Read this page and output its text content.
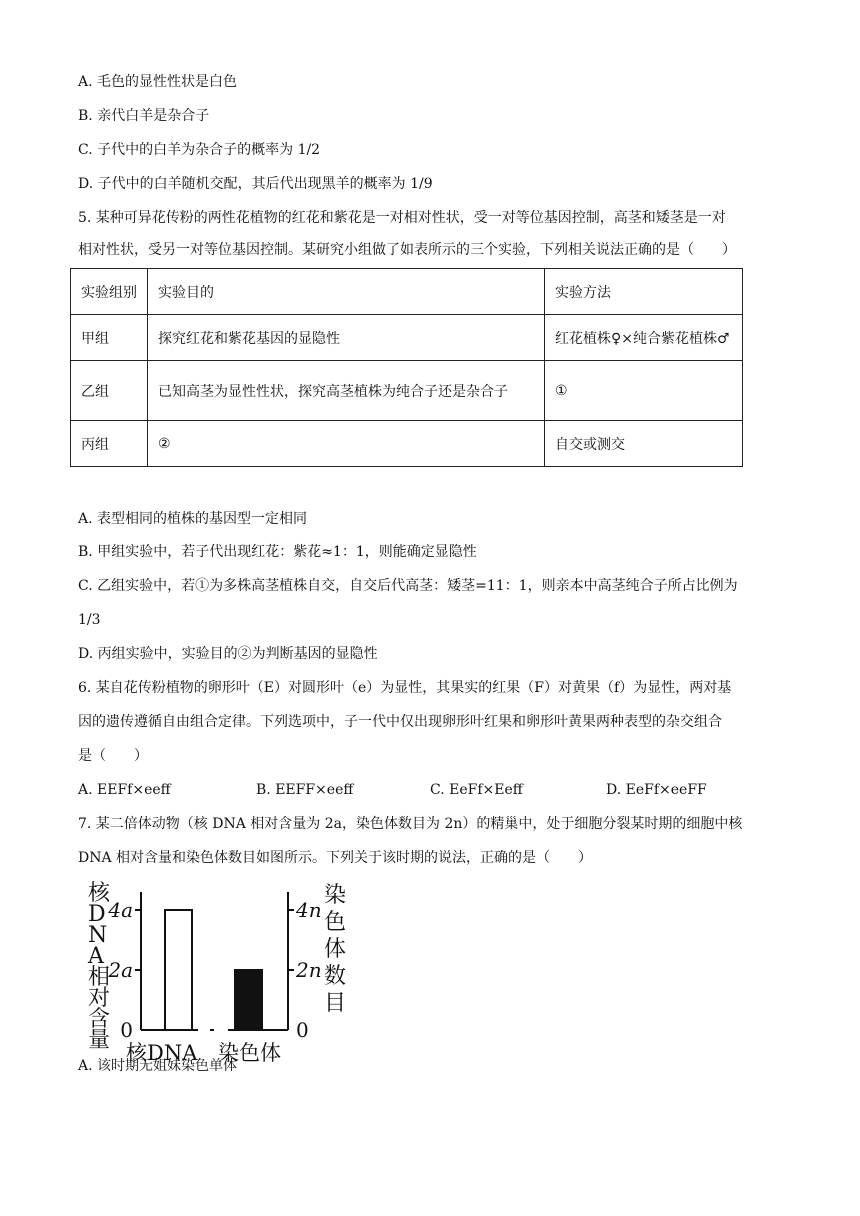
A. 毛色的显性性状是白色
B. 亲代白羊是杂合子
C. 子代中的白羊为杂合子的概率为 1/2
D. 子代中的白羊随机交配，其后代出现黑羊的概率为 1/9
5. 某种可异花传粉的两性花植物的红花和紫花是一对相对性状，受一对等位基因控制，高茎和矮茎是一对
相对性状，受另一对等位基因控制。某研究小组做了如表所示的三个实验，下列相关说法正确的是（　　）
实验组别	实验目的	实验方法
甲组	探究红花和紫花基因的显隐性	红花植株♀×纯合紫花植株♂
乙组	已知高茎为显性性状，探究高茎植株为纯合子还是杂合子	①
丙组	②	自交或测交
A. 表型相同的植株的基因型一定相同
B. 甲组实验中，若子代出现红花：紫花≈1：1，则能确定显隐性
C. 乙组实验中，若①为多株高茎植株自交，自交后代高茎：矮茎=11：1，则亲本中高茎纯合子所占比例为
1/3
D. 丙组实验中，实验目的②为判断基因的显隐性
6. 某自花传粉植物的卵形叶（E）对圆形叶（e）为显性，其果实的红果（F）对黄果（f）为显性，两对基
因的遗传遵循自由组合定律。下列选项中，子一代中仅出现卵形叶红果和卵形叶黄果两种表型的杂交组合
是（　　）
A. EEFf×eeff	B. EEFF×eeff	C. EeFf×Eeff	D. EeFf×eeFF
7. 某二倍体动物（核 DNA 相对含量为 2a，染色体数目为 2n）的精巢中，处于细胞分裂某时期的细胞中核
DNA 相对含量和染色体数目如图所示。下列关于该时期的说法，正确的是（　　）
0	0
2a	2n
4a	4n
核 D N A 相对含量
染色体数目
核DNA 染色体
A. 该时期无姐妹染色单体
